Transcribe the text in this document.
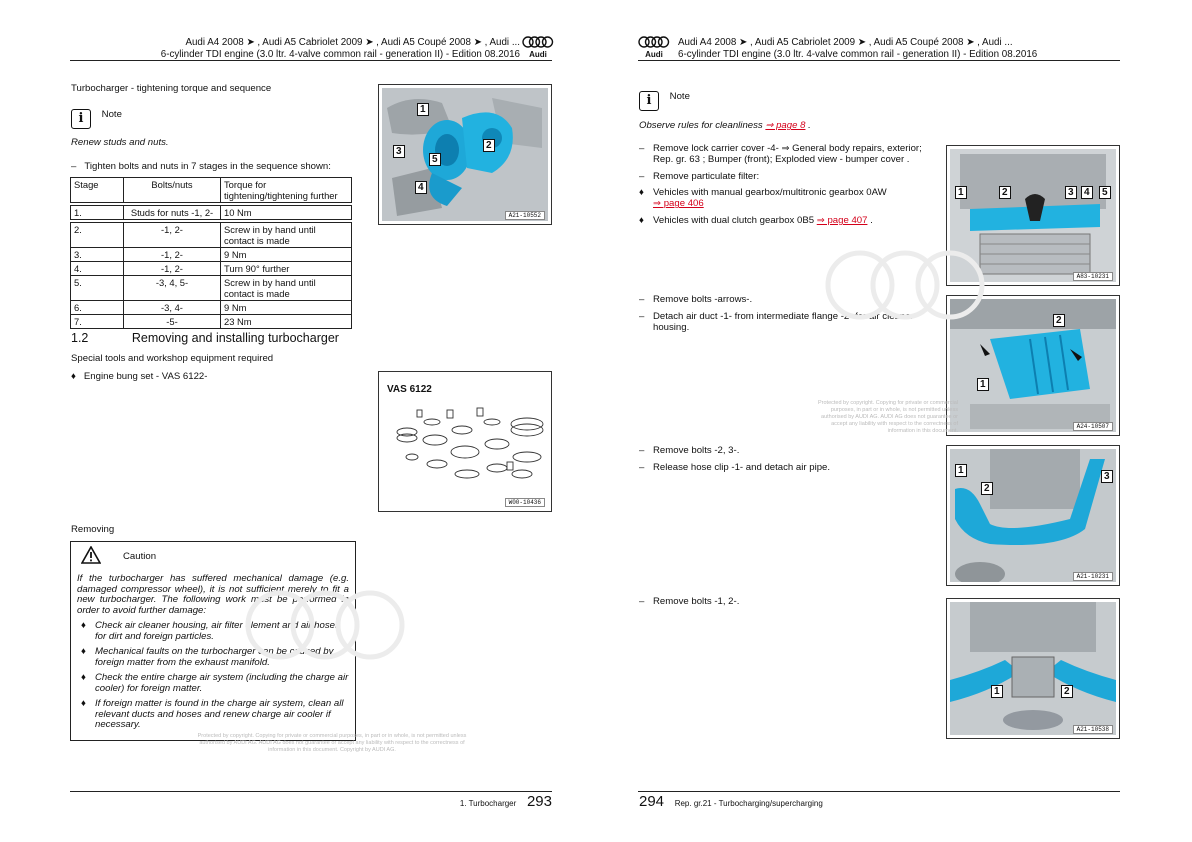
Audi A4 2008 ➤ , Audi A5 Cabriolet 2009 ➤ , Audi A5 Coupé 2008 ➤ , Audi ...
6-cylinder TDI engine (3.0 ltr. 4-valve common rail - generation II) - Edition 08.2016	Audi
Turbocharger - tightening torque and sequence
i Note
Renew studs and nuts.
– Tighten bolts and nuts in 7 stages in the sequence shown:
Stage	Bolts/nuts	Torque for tightening/tightening further

1.	Studs for nuts -1, 2-	10 Nm

2.	-1, 2-	Screw in by hand until contact is made
3.	-1, 2-	9 Nm
4.	-1, 2-	Turn 90° further
5.	-3, 4, 5-	Screw in by hand until contact is made
6.	-3, 4-	9 Nm
7.	-5-	23 Nm
1
2
3
4
5
A21-10552
1.2	Removing and installing turbocharger
Special tools and workshop equipment required
♦ Engine bung set - VAS 6122-
VAS 6122
W00-10436
Removing
Caution
If the turbocharger has suffered mechanical damage (e.g. damaged compressor wheel), it is not sufficient merely to fit a new turbocharger. The following work must be performed in order to avoid further damage:
♦ Check air cleaner housing, air filter element and air hoses for dirt and foreign particles.
♦ Mechanical faults on the turbocharger can be caused by foreign matter from the exhaust manifold.
♦ Check the entire charge air system (including the charge air cooler) for foreign matter.
♦ If foreign matter is found in the charge air system, clean all relevant ducts and hoses and renew charge air cooler if necessary.
Protected by copyright. Copying for private or commercial purposes, in part or in whole, is not permitted unless authorised by AUDI AG. AUDI AG does not guarantee or accept any liability with respect to the correctness of information in this document. Copyright by AUDI AG.
1. Turbocharger 293
Audi
Audi A4 2008 ➤ , Audi A5 Cabriolet 2009 ➤ , Audi A5 Coupé 2008 ➤ , Audi ...
6-cylinder TDI engine (3.0 ltr. 4-valve common rail - generation II) - Edition 08.2016
i Note
Observe rules for cleanliness ⇒ page 8 .
– Remove lock carrier cover -4- ⇒ General body repairs, exterior; Rep. gr. 63 ; Bumper (front); Exploded view - bumper cover .
– Remove particulate filter:
♦ Vehicles with manual gearbox/multitronic gearbox 0AW
⇒ page 406
♦ Vehicles with dual clutch gearbox 0B5 ⇒ page 407 .
1	2	3	4	5
A83-10231
– Remove bolts -arrows-.
– Detach air duct -1- from intermediate flange -2- for air cleaner housing.
1
2
A24-10507
Protected by copyright. Copying for private or commercial purposes, in part or in whole, is not permitted unless authorised by AUDI AG. AUDI AG does not guarantee or accept any liability with respect to the correctness of information in this document.
– Remove bolts -2, 3-.
– Release hose clip -1- and detach air pipe.	1
2
3
A21-10231
– Remove bolts -1, 2-.
1	2
A21-10538
294 Rep. gr.21 - Turbocharging/supercharging
